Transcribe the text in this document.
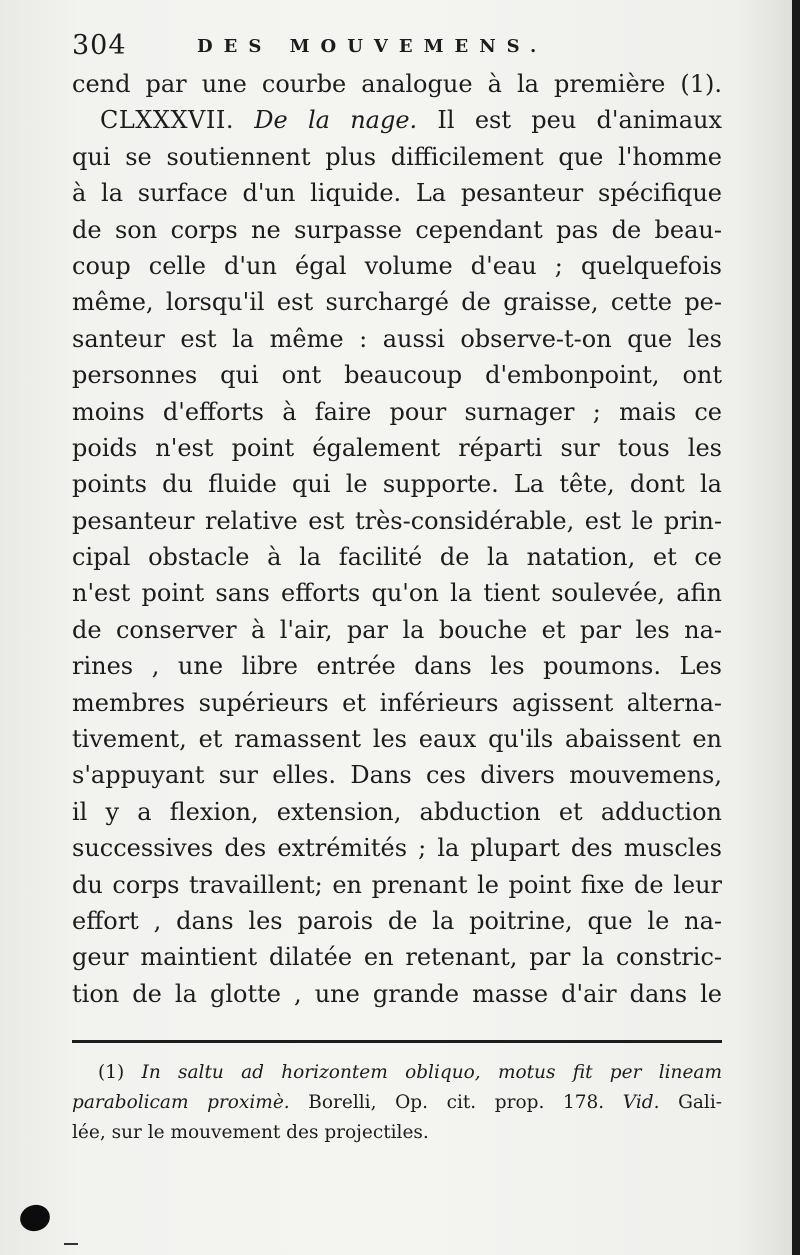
304	DES MOUVEMENS.
cend par une courbe analogue à la première (1).
CLXXXVII. De la nage. Il est peu d'animaux
qui se soutiennent plus difficilement que l'homme
à la surface d'un liquide. La pesanteur spécifique
de son corps ne surpasse cependant pas de beau-
coup celle d'un égal volume d'eau ; quelquefois
même, lorsqu'il est surchargé de graisse, cette pe-
santeur est la même : aussi observe-t-on que les
personnes qui ont beaucoup d'embonpoint, ont
moins d'efforts à faire pour surnager ; mais ce
poids n'est point également réparti sur tous les
points du fluide qui le supporte. La tête, dont la
pesanteur relative est très-considérable, est le prin-
cipal obstacle à la facilité de la natation, et ce
n'est point sans efforts qu'on la tient soulevée, afin
de conserver à l'air, par la bouche et par les na-
rines , une libre entrée dans les poumons. Les
membres supérieurs et inférieurs agissent alterna-
tivement, et ramassent les eaux qu'ils abaissent en
s'appuyant sur elles. Dans ces divers mouvemens,
il y a flexion, extension, abduction et adduction
successives des extrémités ; la plupart des muscles
du corps travaillent; en prenant le point fixe de leur
effort , dans les parois de la poitrine, que le na-
geur maintient dilatée en retenant, par la constric-
tion de la glotte , une grande masse d'air dans le
(1) In saltu ad horizontem obliquo, motus fit per lineam
parabolicam proximè. Borelli, Op. cit. prop. 178. Vid. Gali-
lée, sur le mouvement des projectiles.
